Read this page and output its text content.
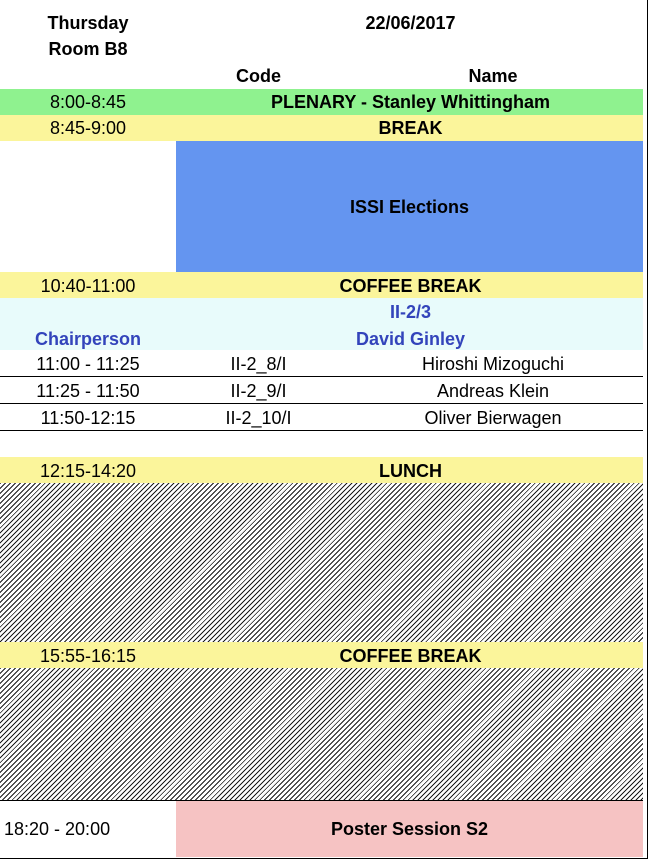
Thursday
Room B8
22/06/2017
Code	Name
8:00-8:45	PLENARY - Stanley Whittingham
8:45-9:00	BREAK
ISSI Elections
10:40-11:00	COFFEE BREAK
II-2/3
Chairperson	David Ginley
11:00 - 11:25	II-2_8/I	Hiroshi Mizoguchi
11:25 - 11:50	II-2_9/I	Andreas Klein
11:50-12:15	II-2_10/I	Oliver Bierwagen
12:15-14:20	LUNCH
15:55-16:15	COFFEE BREAK
18:20 - 20:00	Poster Session S2
